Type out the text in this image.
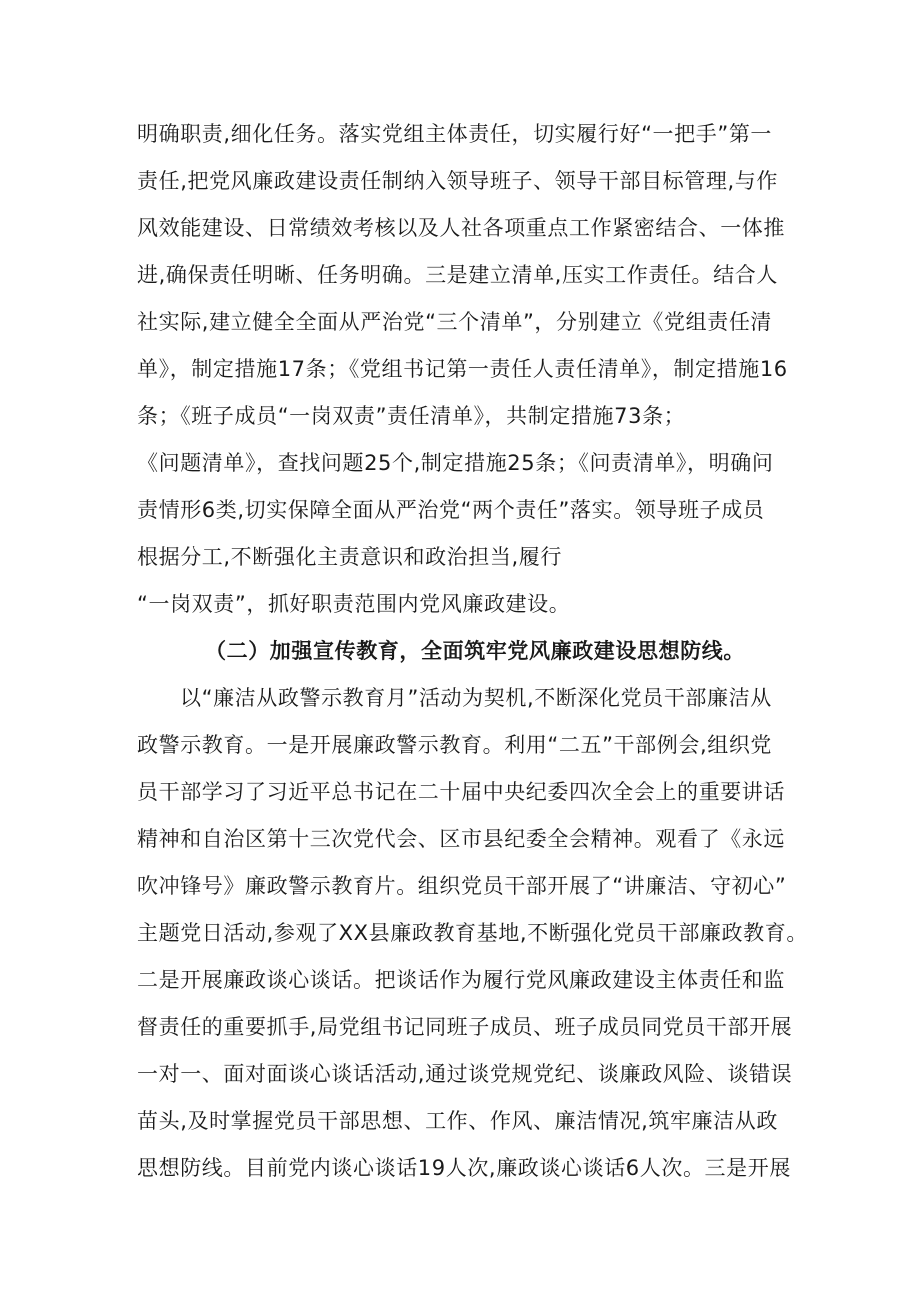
明确职责,细化任务。落实党组主体责任，切实履行好“一把手”第一
责任,把党风廉政建设责任制纳入领导班子、领导干部目标管理,与作
风效能建设、日常绩效考核以及人社各项重点工作紧密结合、一体推
进,确保责任明晰、任务明确。三是建立清单,压实工作责任。结合人
社实际,建立健全全面从严治党“三个清单”，分别建立《党组责任清
单》，制定措施17条；《党组书记第一责任人责任清单》，制定措施16
条；《班子成员“一岗双责”责任清单》，共制定措施73条；
《问题清单》，查找问题25个,制定措施25条；《问责清单》，明确问
责情形6类,切实保障全面从严治党“两个责任”落实。领导班子成员
根据分工,不断强化主责意识和政治担当,履行
“一岗双责”，抓好职责范围内党风廉政建设。
（二）加强宣传教育，全面筑牢党风廉政建设思想防线。
以“廉洁从政警示教育月”活动为契机,不断深化党员干部廉洁从
政警示教育。一是开展廉政警示教育。利用“二五”干部例会,组织党
员干部学习了习近平总书记在二十届中央纪委四次全会上的重要讲话
精神和自治区第十三次党代会、区市县纪委全会精神。观看了《永远
吹冲锋号》廉政警示教育片。组织党员干部开展了“讲廉洁、守初心”
主题党日活动,参观了XX县廉政教育基地,不断强化党员干部廉政教育。
二是开展廉政谈心谈话。把谈话作为履行党风廉政建设主体责任和监
督责任的重要抓手,局党组书记同班子成员、班子成员同党员干部开展
一对一、面对面谈心谈话活动,通过谈党规党纪、谈廉政风险、谈错误
苗头,及时掌握党员干部思想、工作、作风、廉洁情况,筑牢廉洁从政
思想防线。目前党内谈心谈话19人次,廉政谈心谈话6人次。三是开展
